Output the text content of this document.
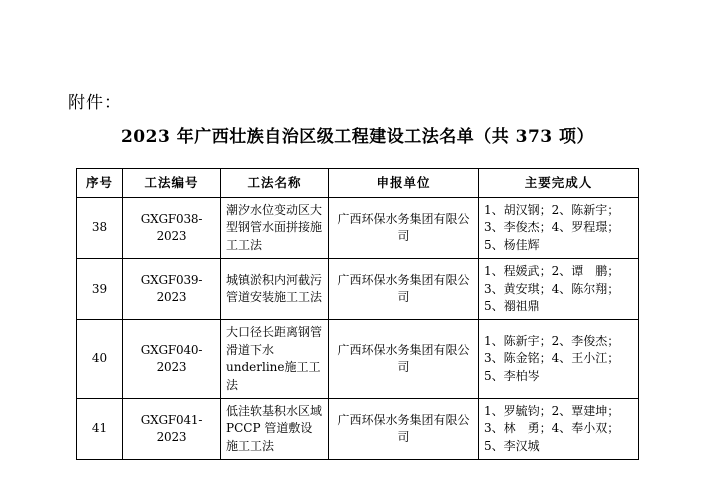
附件：
2023 年广西壮族自治区级工程建设工法名单（共 373 项）
序号	工法编号	工法名称	申报单位	主要完成人
38	GXGF038-2023	潮汐水位变动区大型钢管水面拼接施工工法	广西环保水务集团有限公司	1、胡汉钢；2、陈新宇；3、李俊杰；4、罗程璟；5、杨佳辉
39	GXGF039-2023	城镇淤积内河截污管道安装施工工法	广西环保水务集团有限公司	1、程媛武；2、谭　鹏；3、黄安琪；4、陈尔翔；5、禤祖鼎
40	GXGF040-2023	大口径长距离钢管滑道下水underline施工工法	广西环保水务集团有限公司	1、陈新宇；2、李俊杰；3、陈金铭；4、王小江；5、李柏岑
41	GXGF041-2023	低洼软基积水区域 PCCP 管道敷设施工工法	广西环保水务集团有限公司	1、罗毓钧；2、覃建坤；3、林　勇；4、奉小双；5、李汉城
